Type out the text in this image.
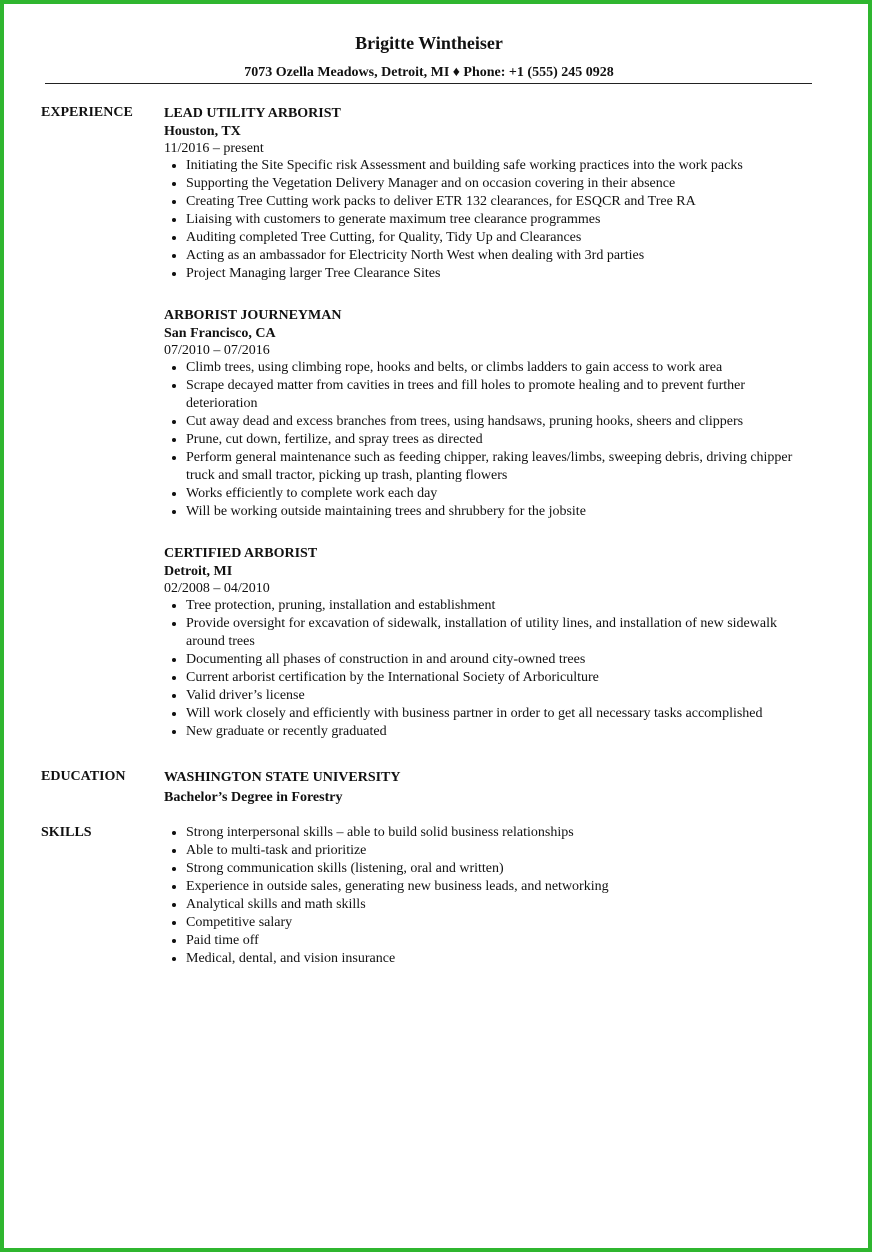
Brigitte Wintheiser
7073 Ozella Meadows, Detroit, MI ♦ Phone: +1 (555) 245 0928
EXPERIENCE LEAD UTILITY ARBORIST
Houston, TX
11/2016 – present
Initiating the Site Specific risk Assessment and building safe working practices into the work packs
Supporting the Vegetation Delivery Manager and on occasion covering in their absence
Creating Tree Cutting work packs to deliver ETR 132 clearances, for ESQCR and Tree RA
Liaising with customers to generate maximum tree clearance programmes
Auditing completed Tree Cutting, for Quality, Tidy Up and Clearances
Acting as an ambassador for Electricity North West when dealing with 3rd parties
Project Managing larger Tree Clearance Sites
ARBORIST JOURNEYMAN
San Francisco, CA
07/2010 – 07/2016
Climb trees, using climbing rope, hooks and belts, or climbs ladders to gain access to work area
Scrape decayed matter from cavities in trees and fill holes to promote healing and to prevent further deterioration
Cut away dead and excess branches from trees, using handsaws, pruning hooks, sheers and clippers
Prune, cut down, fertilize, and spray trees as directed
Perform general maintenance such as feeding chipper, raking leaves/limbs, sweeping debris, driving chipper truck and small tractor, picking up trash, planting flowers
Works efficiently to complete work each day
Will be working outside maintaining trees and shrubbery for the jobsite
CERTIFIED ARBORIST
Detroit, MI
02/2008 – 04/2010
Tree protection, pruning, installation and establishment
Provide oversight for excavation of sidewalk, installation of utility lines, and installation of new sidewalk around trees
Documenting all phases of construction in and around city-owned trees
Current arborist certification by the International Society of Arboriculture
Valid driver’s license
Will work closely and efficiently with business partner in order to get all necessary tasks accomplished
New graduate or recently graduated
EDUCATION	WASHINGTON STATE UNIVERSITY
Bachelor’s Degree in Forestry
SKILLS	Strong interpersonal skills – able to build solid business relationships
Able to multi-task and prioritize
Strong communication skills (listening, oral and written)
Experience in outside sales, generating new business leads, and networking
Analytical skills and math skills
Competitive salary
Paid time off
Medical, dental, and vision insurance
